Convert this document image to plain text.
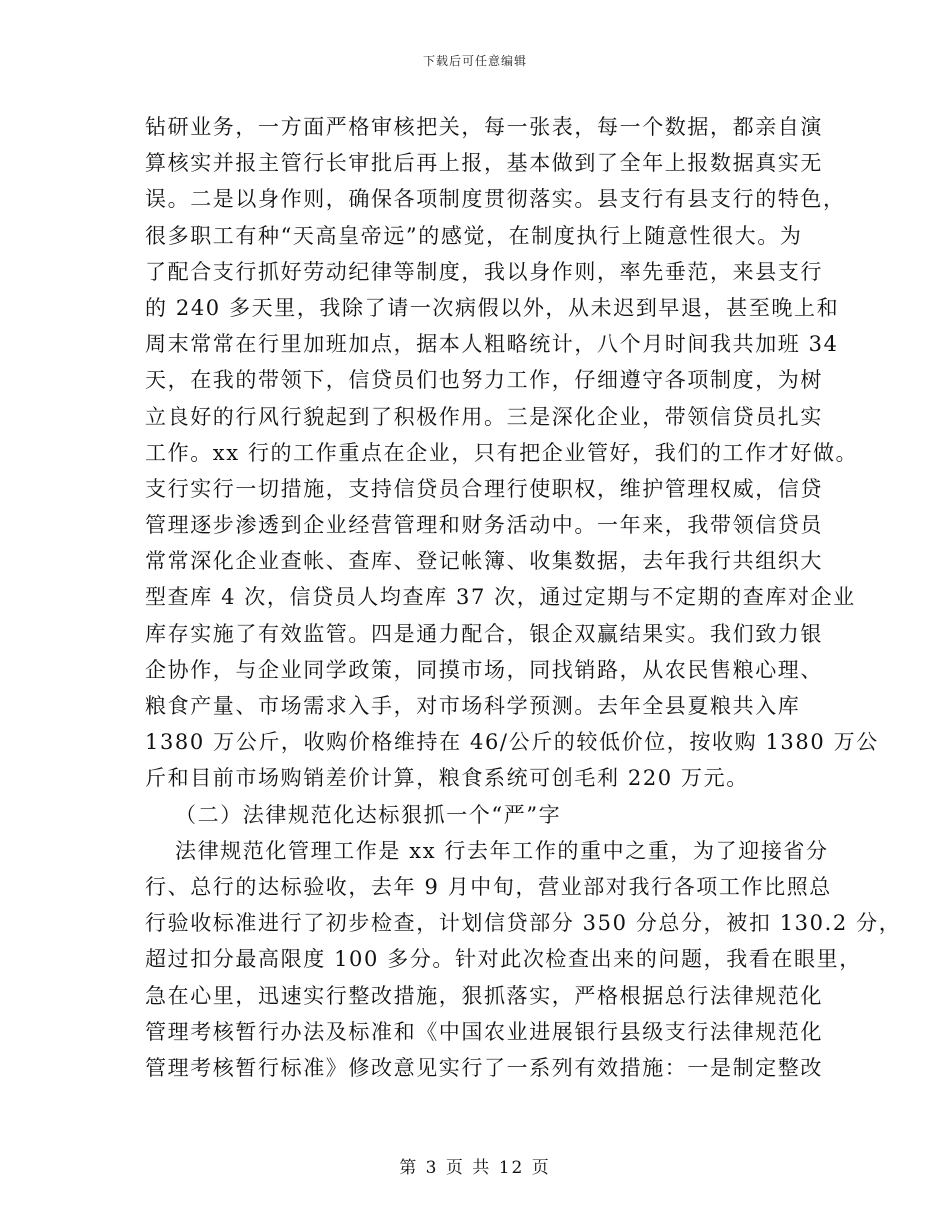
下载后可任意编辑
钻研业务，一方面严格审核把关，每一张表，每一个数据，都亲自演
算核实并报主管行长审批后再上报，基本做到了全年上报数据真实无
误。二是以身作则，确保各项制度贯彻落实。县支行有县支行的特色，
很多职工有种“天高皇帝远”的感觉，在制度执行上随意性很大。为
了配合支行抓好劳动纪律等制度，我以身作则，率先垂范，来县支行
的 240 多天里，我除了请一次病假以外，从未迟到早退，甚至晚上和
周末常常在行里加班加点，据本人粗略统计，八个月时间我共加班 34
天，在我的带领下，信贷员们也努力工作，仔细遵守各项制度，为树
立良好的行风行貌起到了积极作用。三是深化企业，带领信贷员扎实
工作。xx 行的工作重点在企业，只有把企业管好，我们的工作才好做。
支行实行一切措施，支持信贷员合理行使职权，维护管理权威，信贷
管理逐步渗透到企业经营管理和财务活动中。一年来，我带领信贷员
常常深化企业查帐、查库、登记帐簿、收集数据，去年我行共组织大
型查库 4 次，信贷员人均查库 37 次，通过定期与不定期的查库对企业
库存实施了有效监管。四是通力配合，银企双赢结果实。我们致力银
企协作，与企业同学政策，同摸市场，同找销路，从农民售粮心理、
粮食产量、市场需求入手，对市场科学预测。去年全县夏粮共入库
1380 万公斤，收购价格维持在 46/公斤的较低价位，按收购 1380 万公
斤和目前市场购销差价计算，粮食系统可创毛利 220 万元。
（二）法律规范化达标狠抓一个“严”字
法律规范化管理工作是 xx 行去年工作的重中之重，为了迎接省分
行、总行的达标验收，去年 9 月中旬，营业部对我行各项工作比照总
行验收标准进行了初步检查，计划信贷部分 350 分总分，被扣 130.2 分，
超过扣分最高限度 100 多分。针对此次检查出来的问题，我看在眼里，
急在心里，迅速实行整改措施，狠抓落实，严格根据总行法律规范化
管理考核暂行办法及标准和《中国农业进展银行县级支行法律规范化
管理考核暂行标准》修改意见实行了一系列有效措施：一是制定整改
第 3 页 共 12 页
